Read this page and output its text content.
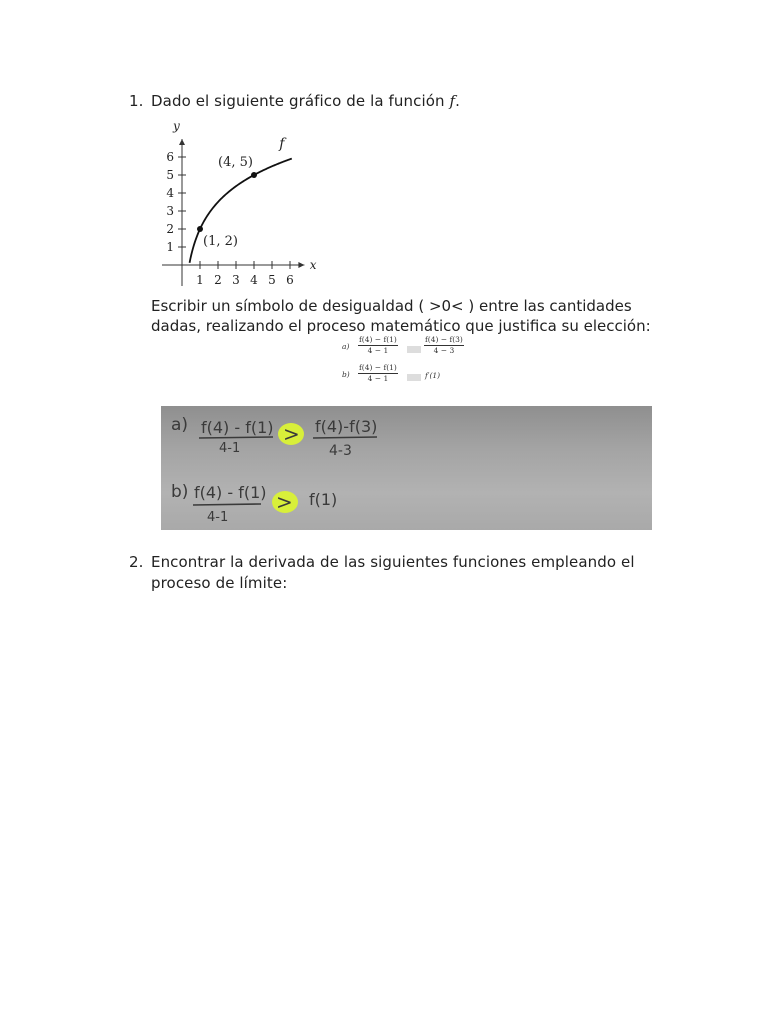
1. Dado el siguiente gráfico de la función f.
1 2 3 4 5 6
1
2
3
4
5
6
(1, 2)
(4, 5)
y
x
f
Escribir un símbolo de desigualdad ( >0< ) entre las cantidades
dadas, realizando el proceso matemático que justifica su elección:
$a) \frac{f(4) - f(1)}{4 - 1}$	$\frac{f(4) - f(3)}{4 - 3}$
$b) \frac{f(4) - f(1)}{4 - 1}$	f′(1)
a) f(4) - f(1)
4-1
> f(4)-f(3)
4-3
b) f(4) - f(1)
4-1
> f(1)
2. Encontrar la derivada de las siguientes funciones empleando el
proceso de límite:
